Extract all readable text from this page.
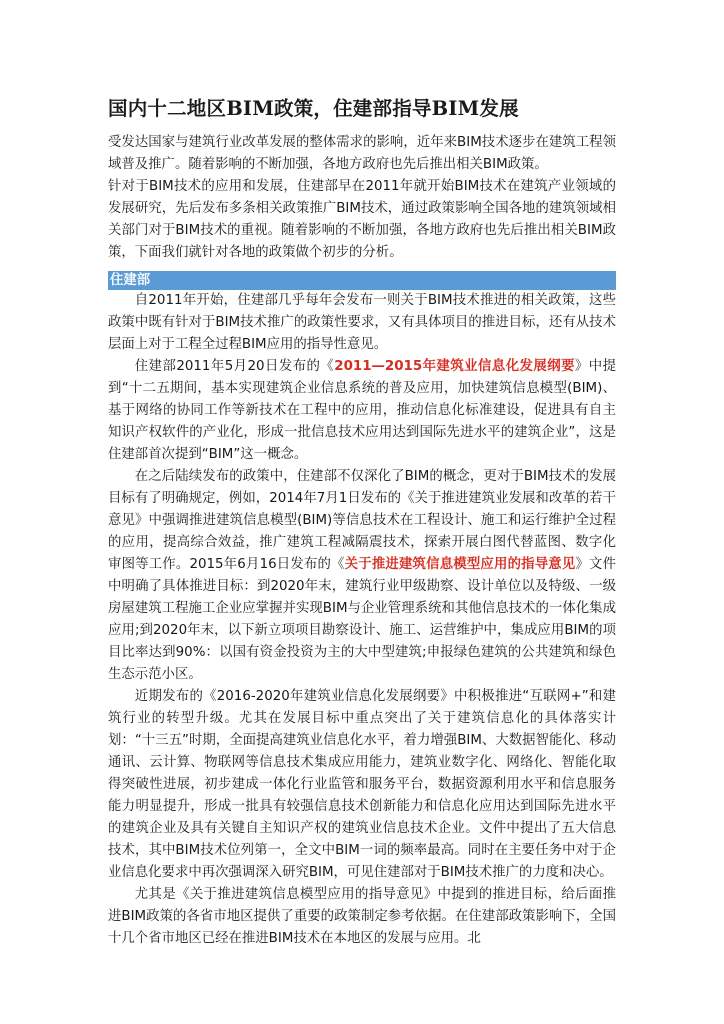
国内十二地区BIM政策，住建部指导BIM发展

受发达国家与建筑行业改革发展的整体需求的影响，近年来BIM技术逐步在建筑工程领域普及推广。随着影响的不断加强，各地方政府也先后推出相关BIM政策。

针对于BIM技术的应用和发展，住建部早在2011年就开始BIM技术在建筑产业领域的发展研究，先后发布多条相关政策推广BIM技术，通过政策影响全国各地的建筑领域相关部门对于BIM技术的重视。随着影响的不断加强，各地方政府也先后推出相关BIM政策，下面我们就针对各地的政策做个初步的分析。

住建部

自2011年开始，住建部几乎每年会发布一则关于BIM技术推进的相关政策，这些政策中既有针对于BIM技术推广的政策性要求，又有具体项目的推进目标，还有从技术层面上对于工程全过程BIM应用的指导性意见。

住建部2011年5月20日发布的《2011—2015年建筑业信息化发展纲要》中提到“十二五期间，基本实现建筑企业信息系统的普及应用，加快建筑信息模型(BIM)、基于网络的协同工作等新技术在工程中的应用，推动信息化标准建设，促进具有自主知识产权软件的产业化，形成一批信息技术应用达到国际先进水平的建筑企业”，这是住建部首次提到“BIM”这一概念。

在之后陆续发布的政策中，住建部不仅深化了BIM的概念，更对于BIM技术的发展目标有了明确规定，例如，2014年7月1日发布的《关于推进建筑业发展和改革的若干意见》中强调推进建筑信息模型(BIM)等信息技术在工程设计、施工和运行维护全过程的应用，提高综合效益，推广建筑工程减隔震技术，探索开展白图代替蓝图、数字化审图等工作。2015年6月16日发布的《关于推进建筑信息模型应用的指导意见》文件中明确了具体推进目标：到2020年末，建筑行业甲级勘察、设计单位以及特级、一级房屋建筑工程施工企业应掌握并实现BIM与企业管理系统和其他信息技术的一体化集成应用;到2020年末，以下新立项项目勘察设计、施工、运营维护中，集成应用BIM的项目比率达到90%：以国有资金投资为主的大中型建筑;申报绿色建筑的公共建筑和绿色生态示范小区。

近期发布的《2016-2020年建筑业信息化发展纲要》中积极推进“互联网+”和建筑行业的转型升级。尤其在发展目标中重点突出了关于建筑信息化的具体落实计划：“十三五”时期，全面提高建筑业信息化水平，着力增强BIM、大数据智能化、移动通讯、云计算、物联网等信息技术集成应用能力，建筑业数字化、网络化、智能化取得突破性进展，初步建成一体化行业监管和服务平台，数据资源利用水平和信息服务能力明显提升，形成一批具有较强信息技术创新能力和信息化应用达到国际先进水平的建筑企业及具有关键自主知识产权的建筑业信息技术企业。文件中提出了五大信息技术，其中BIM技术位列第一，全文中BIM一词的频率最高。同时在主要任务中对于企业信息化要求中再次强调深入研究BIM，可见住建部对于BIM技术推广的力度和决心。

尤其是《关于推进建筑信息模型应用的指导意见》中提到的推进目标，给后面推进BIM政策的各省市地区提供了重要的政策制定参考依据。在住建部政策影响下，全国十几个省市地区已经在推进BIM技术在本地区的发展与应用。北
